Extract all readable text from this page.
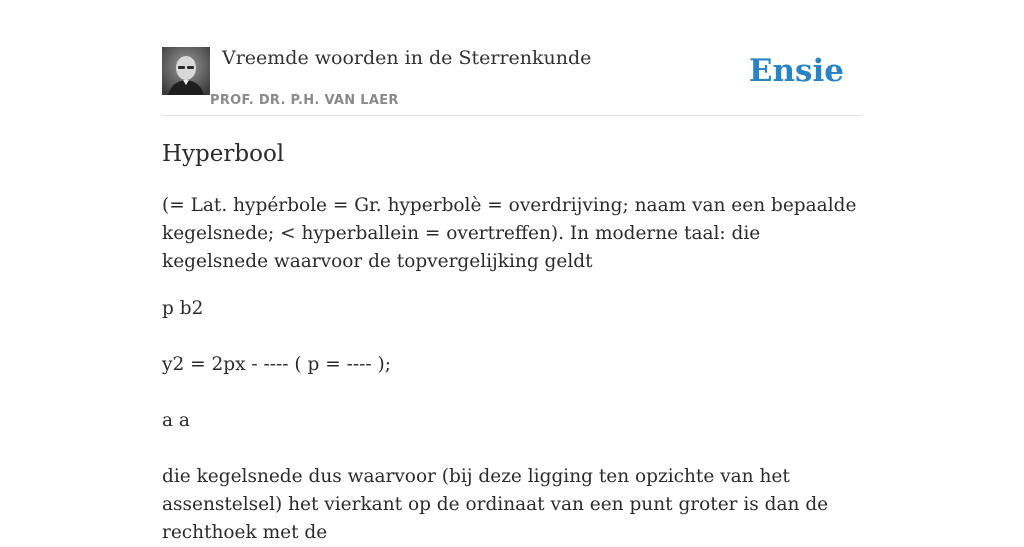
Vreemde woorden in de Sterrenkunde
PROF. DR. P.H. VAN LAER
Ensie
Hyperbool

(= Lat. hypérbole = Gr. hyperbolè = overdrijving; naam van een bepaalde kegelsnede; < hyperballein = overtreffen). In moderne taal: die kegelsnede waarvoor de topvergelijking geldt

p b2

y2 = 2px - ---- ( p = ---- );

a a

die kegelsnede dus waarvoor (bij deze ligging ten opzichte van het assenstelsel) het vierkant op de ordinaat van een punt groter is dan de rechthoek met de
